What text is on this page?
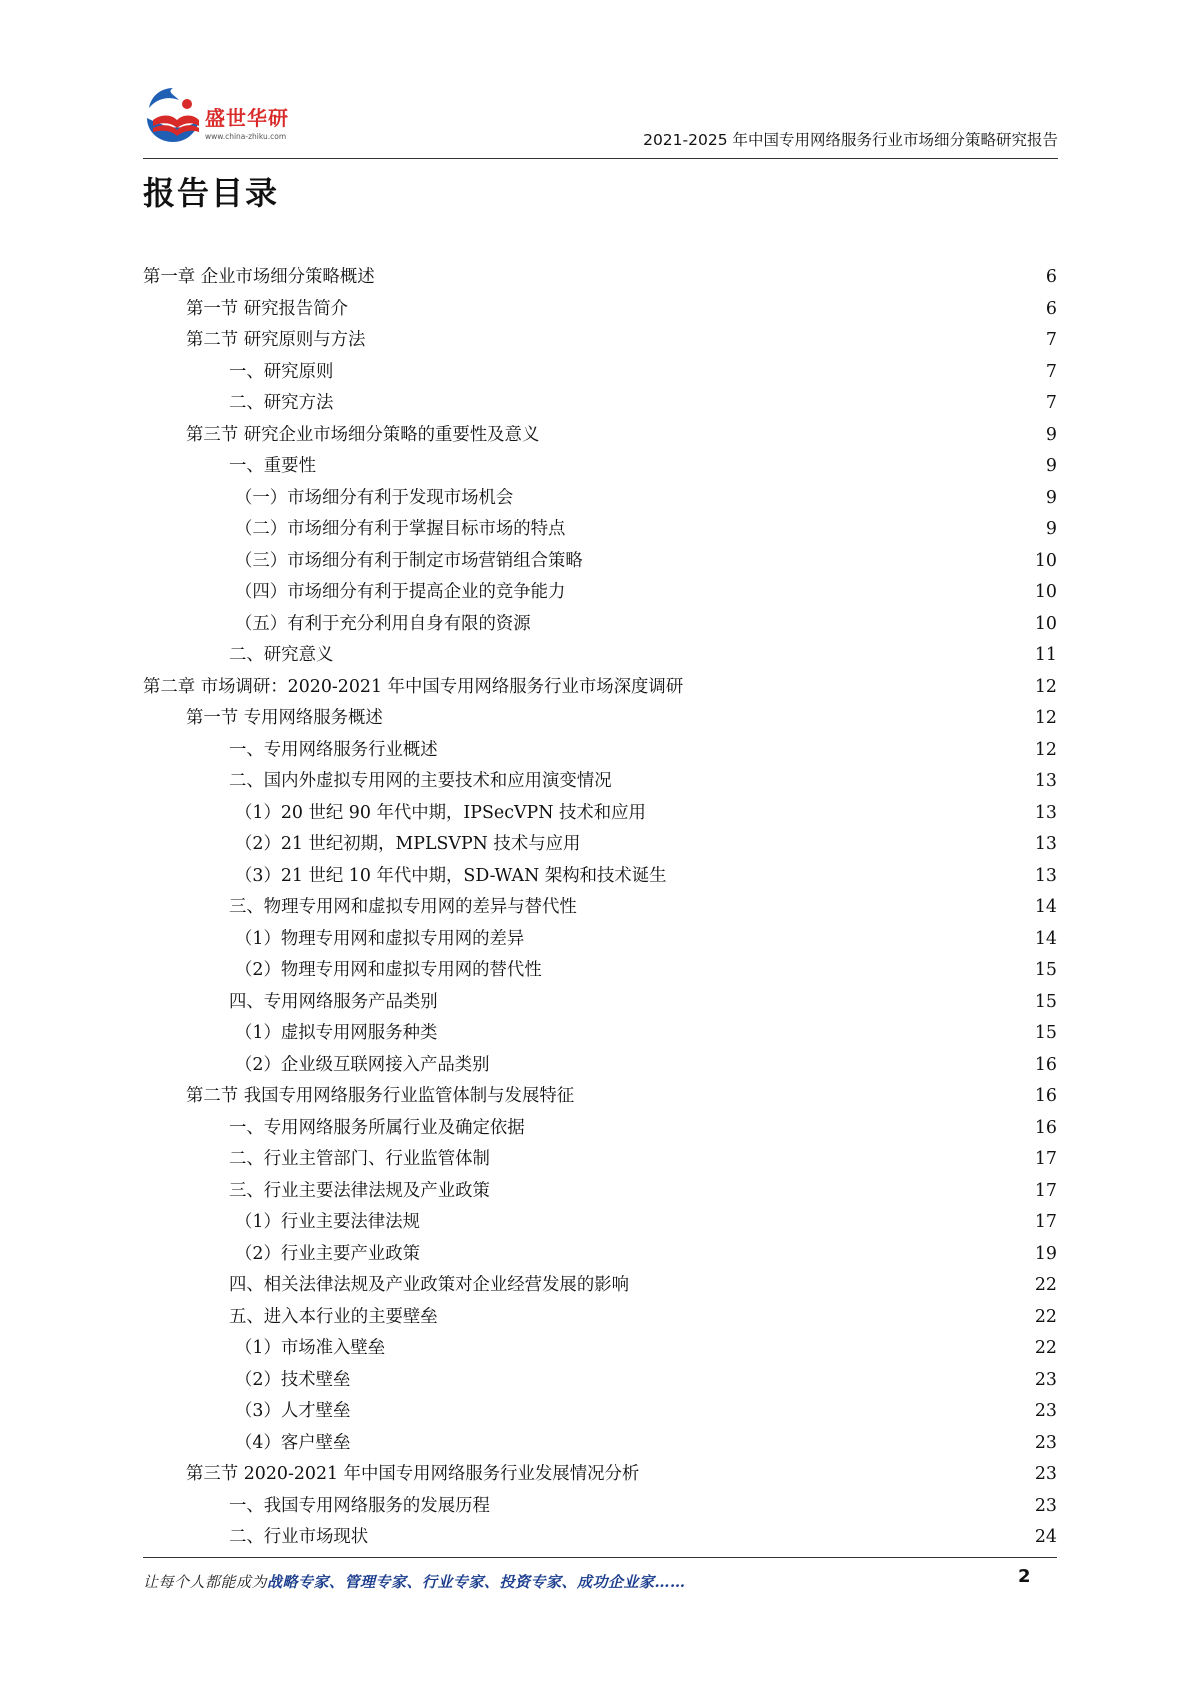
盛世华研
www.china-zhiku.com	2021-2025 年中国专用网络服务行业市场细分策略研究报告
报告目录
第一章 企业市场细分策略概述	6
第一节 研究报告简介	6
第二节 研究原则与方法	7
一、研究原则	7
二、研究方法	7
第三节 研究企业市场细分策略的重要性及意义	9
一、重要性	9
（一）市场细分有利于发现市场机会	9
（二）市场细分有利于掌握目标市场的特点	9
（三）市场细分有利于制定市场营销组合策略	10
（四）市场细分有利于提高企业的竞争能力	10
（五）有利于充分利用自身有限的资源	10
二、研究意义	11
第二章 市场调研：2020-2021 年中国专用网络服务行业市场深度调研	12
第一节 专用网络服务概述	12
一、专用网络服务行业概述	12
二、国内外虚拟专用网的主要技术和应用演变情况	13
（1）20 世纪 90 年代中期，IPSecVPN 技术和应用	13
（2）21 世纪初期，MPLSVPN 技术与应用	13
（3）21 世纪 10 年代中期，SD-WAN 架构和技术诞生	13
三、物理专用网和虚拟专用网的差异与替代性	14
（1）物理专用网和虚拟专用网的差异	14
（2）物理专用网和虚拟专用网的替代性	15
四、专用网络服务产品类别	15
（1）虚拟专用网服务种类	15
（2）企业级互联网接入产品类别	16
第二节 我国专用网络服务行业监管体制与发展特征	16
一、专用网络服务所属行业及确定依据	16
二、行业主管部门、行业监管体制	17
三、行业主要法律法规及产业政策	17
（1）行业主要法律法规	17
（2）行业主要产业政策	19
四、相关法律法规及产业政策对企业经营发展的影响	22
五、进入本行业的主要壁垒	22
（1）市场准入壁垒	22
（2）技术壁垒	23
（3）人才壁垒	23
（4）客户壁垒	23
第三节 2020-2021 年中国专用网络服务行业发展情况分析	23
一、我国专用网络服务的发展历程	23
二、行业市场现状	24
让每个人都能成为战略专家、管理专家、行业专家、投资专家、成功企业家……	2
